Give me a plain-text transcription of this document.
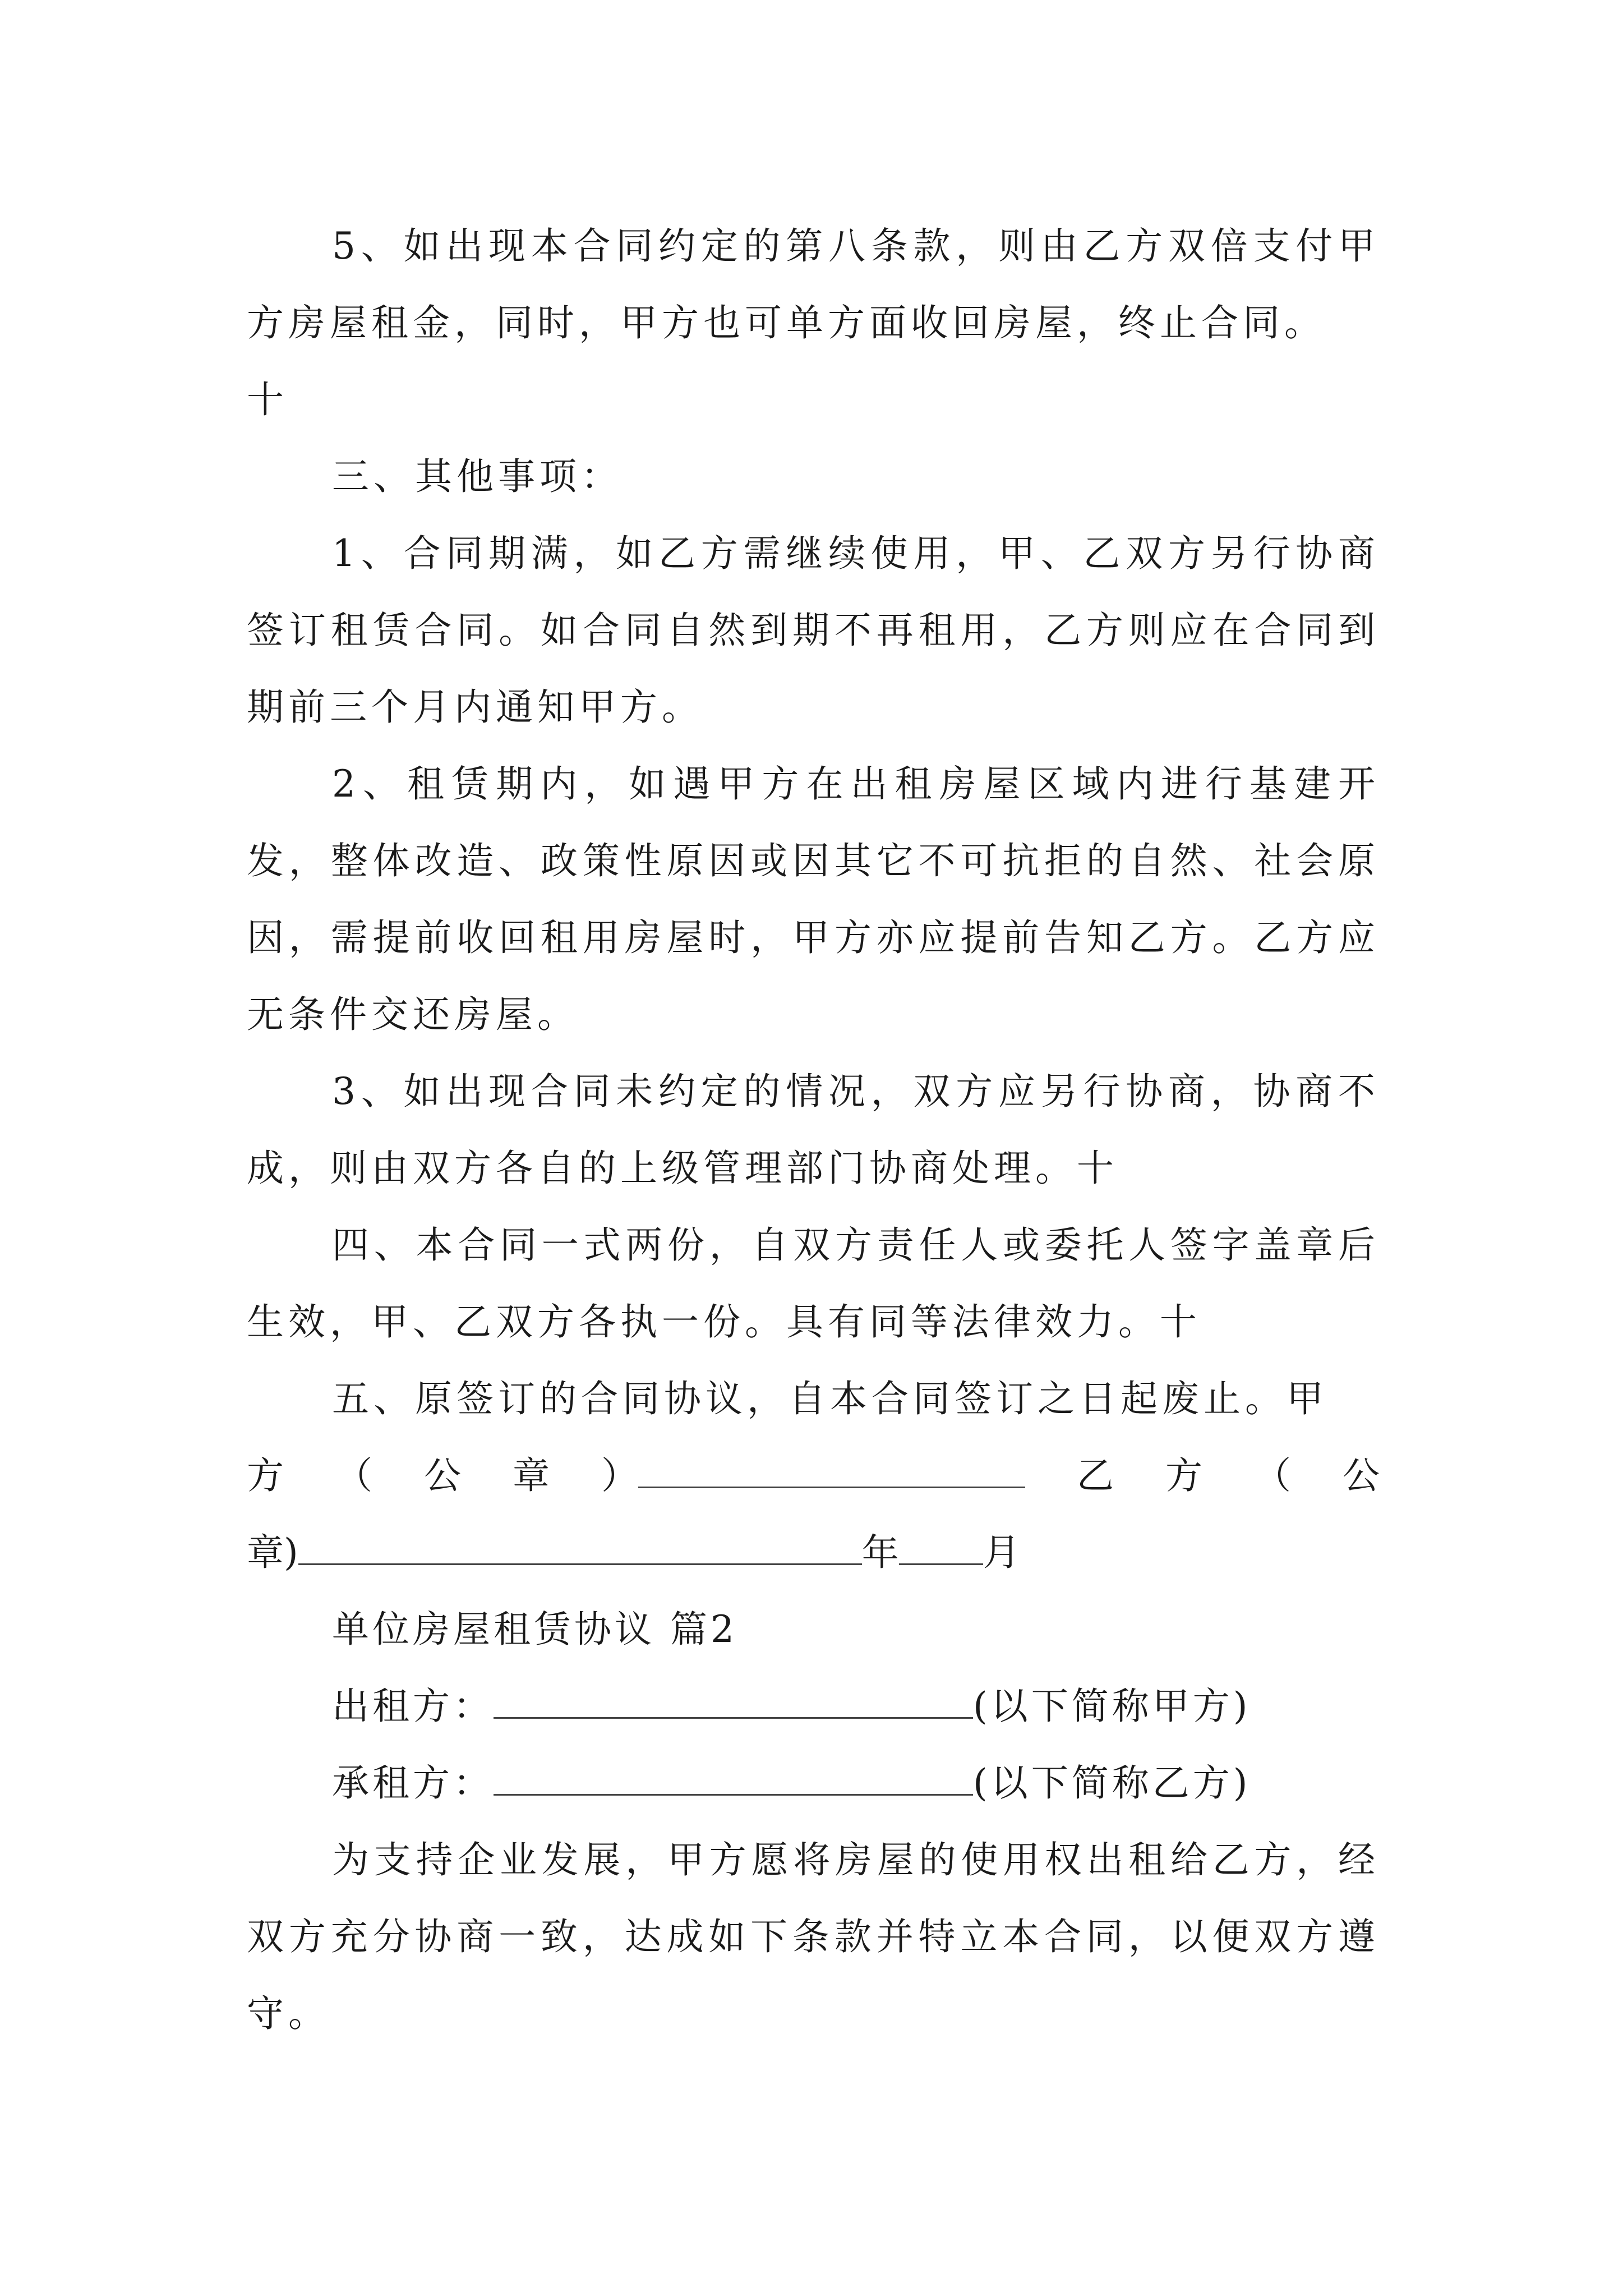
5、如出现本合同约定的第八条款，则由乙方双倍支付甲方房屋租金，同时，甲方也可单方面收回房屋，终止合同。

十

三、其他事项：

1、合同期满，如乙方需继续使用，甲、乙双方另行协商签订租赁合同。如合同自然到期不再租用，乙方则应在合同到期前三个月内通知甲方。

2、租赁期内，如遇甲方在出租房屋区域内进行基建开发，整体改造、政策性原因或因其它不可抗拒的自然、社会原因，需提前收回租用房屋时，甲方亦应提前告知乙方。乙方应无条件交还房屋。

3、如出现合同未约定的情况，双方应另行协商，协商不成，则由双方各自的上级管理部门协商处理。十

四、本合同一式两份，自双方责任人或委托人签字盖章后生效，甲、乙双方各执一份。具有同等法律效力。十

五、原签订的合同协议，自本合同签订之日起废止。甲

方 （ 公 章 ）	乙 方 （ 公

章)	年 月

单位房屋租赁协议 篇2

出租方：	(以下简称甲方)

承租方：	(以下简称乙方)

为支持企业发展，甲方愿将房屋的使用权出租给乙方，经双方充分协商一致，达成如下条款并特立本合同，以便双方遵守。
